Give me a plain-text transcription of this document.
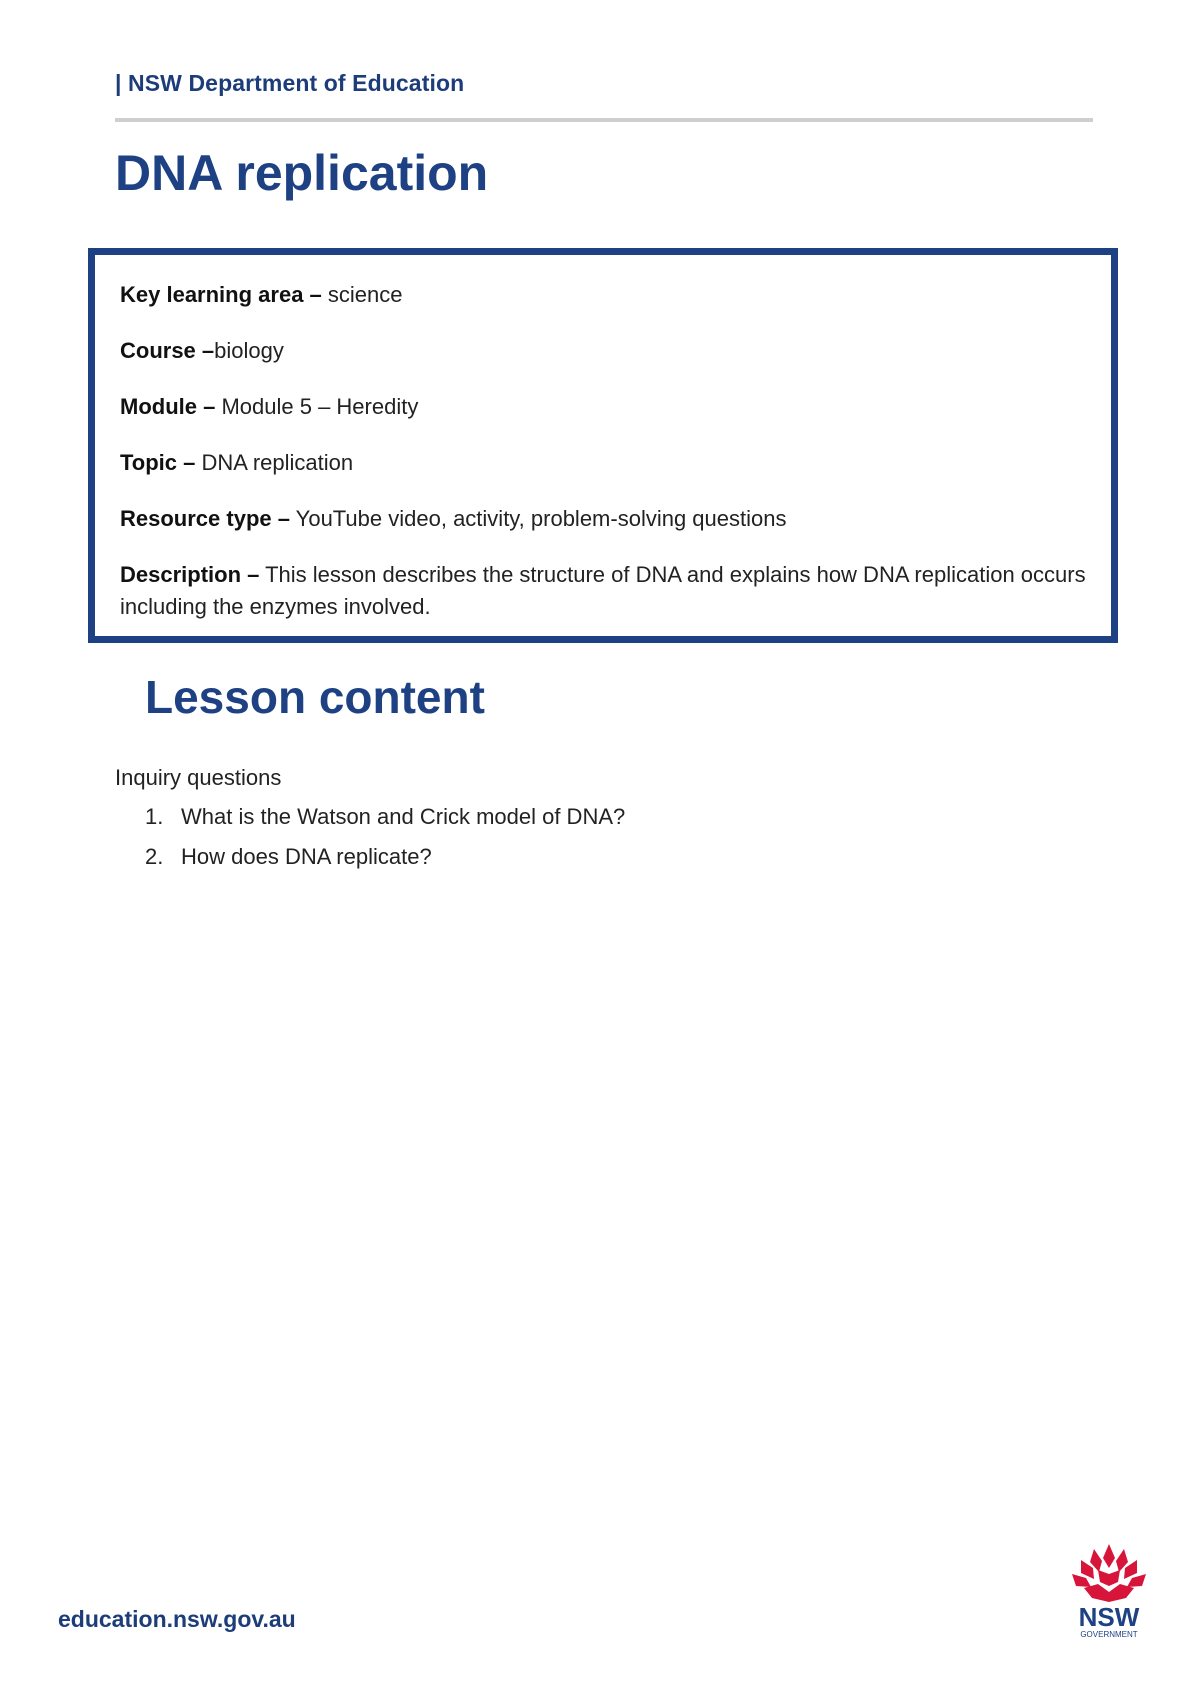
| NSW Department of Education
DNA replication

Key learning area – science

Course –biology

Module – Module 5 – Heredity

Topic – DNA replication

Resource type – YouTube video, activity, problem-solving questions

Description – This lesson describes the structure of DNA and explains how DNA replication occurs including the enzymes involved.

Lesson content
Inquiry questions
1. What is the Watson and Crick model of DNA?
2. How does DNA replicate?
education.nsw.gov.au	NSW
GOVERNMENT
